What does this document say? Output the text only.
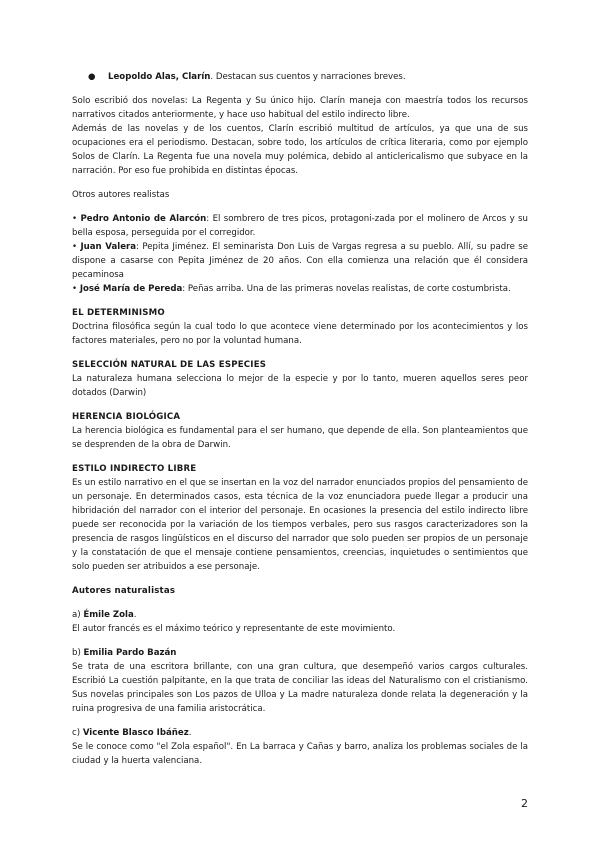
●	Leopoldo Alas, Clarín. Destacan sus cuentos y narraciones breves.

Solo escribió dos novelas: La Regenta y Su único hijo. Clarín maneja con maestría todos los recursos narrativos citados anteriormente, y hace uso habitual del estilo indirecto libre.

Además de las novelas y de los cuentos, Clarín escribió multitud de artículos, ya que una de sus ocupaciones era el periodismo. Destacan, sobre todo, los artículos de crítica literaria, como por ejemplo Solos de Clarín. La Regenta fue una novela muy polémica, debido al anticlericalismo que subyace en la narración. Por eso fue prohibida en distintas épocas.

Otros autores realistas

• Pedro Antonio de Alarcón: El sombrero de tres picos, protagoni-zada por el molinero de Arcos y su bella esposa, perseguida por el corregidor.

• Juan Valera: Pepita Jiménez. El seminarista Don Luis de Vargas regresa a su pueblo. Allí, su padre se dispone a casarse con Pepita Jiménez de 20 años. Con ella comienza una relación que él considera pecaminosa

• José María de Pereda: Peñas arriba. Una de las primeras novelas realistas, de corte costumbrista.

EL DETERMINISMO

Doctrina filosófica según la cual todo lo que acontece viene determinado por los acontecimientos y los factores materiales, pero no por la voluntad humana.

SELECCIÓN NATURAL DE LAS ESPECIES

La naturaleza humana selecciona lo mejor de la especie y por lo tanto, mueren aquellos seres peor dotados (Darwin)

HERENCIA BIOLÓGICA

La herencia biológica es fundamental para el ser humano, que depende de ella. Son planteamientos que se desprenden de la obra de Darwin.

ESTILO INDIRECTO LIBRE

Es un estilo narrativo en el que se insertan en la voz del narrador enunciados propios del pensamiento de un personaje. En determinados casos, esta técnica de la voz enunciadora puede llegar a producir una hibridación del narrador con el interior del personaje. En ocasiones la presencia del estilo indirecto libre puede ser reconocida por la variación de los tiempos verbales, pero sus rasgos caracterizadores son la presencia de rasgos lingüísticos en el discurso del narrador que solo pueden ser propios de un personaje y la constatación de que el mensaje contiene pensamientos, creencias, inquietudes o sentimientos que solo pueden ser atribuidos a ese personaje.

Autores naturalistas

a) Émile Zola.

El autor francés es el máximo teórico y representante de este movimiento.

b) Emilia Pardo Bazán

Se trata de una escritora brillante, con una gran cultura, que desempeñó varios cargos culturales. Escribió La cuestión palpitante, en la que trata de conciliar las ideas del Naturalismo con el cristianismo. Sus novelas principales son Los pazos de Ulloa y La madre naturaleza donde relata la degeneración y la ruina progresiva de una familia aristocrática.

c) Vicente Blasco Ibáñez.

Se le conoce como "el Zola español". En La barraca y Cañas y barro, analiza los problemas sociales de la ciudad y la huerta valenciana.

2
